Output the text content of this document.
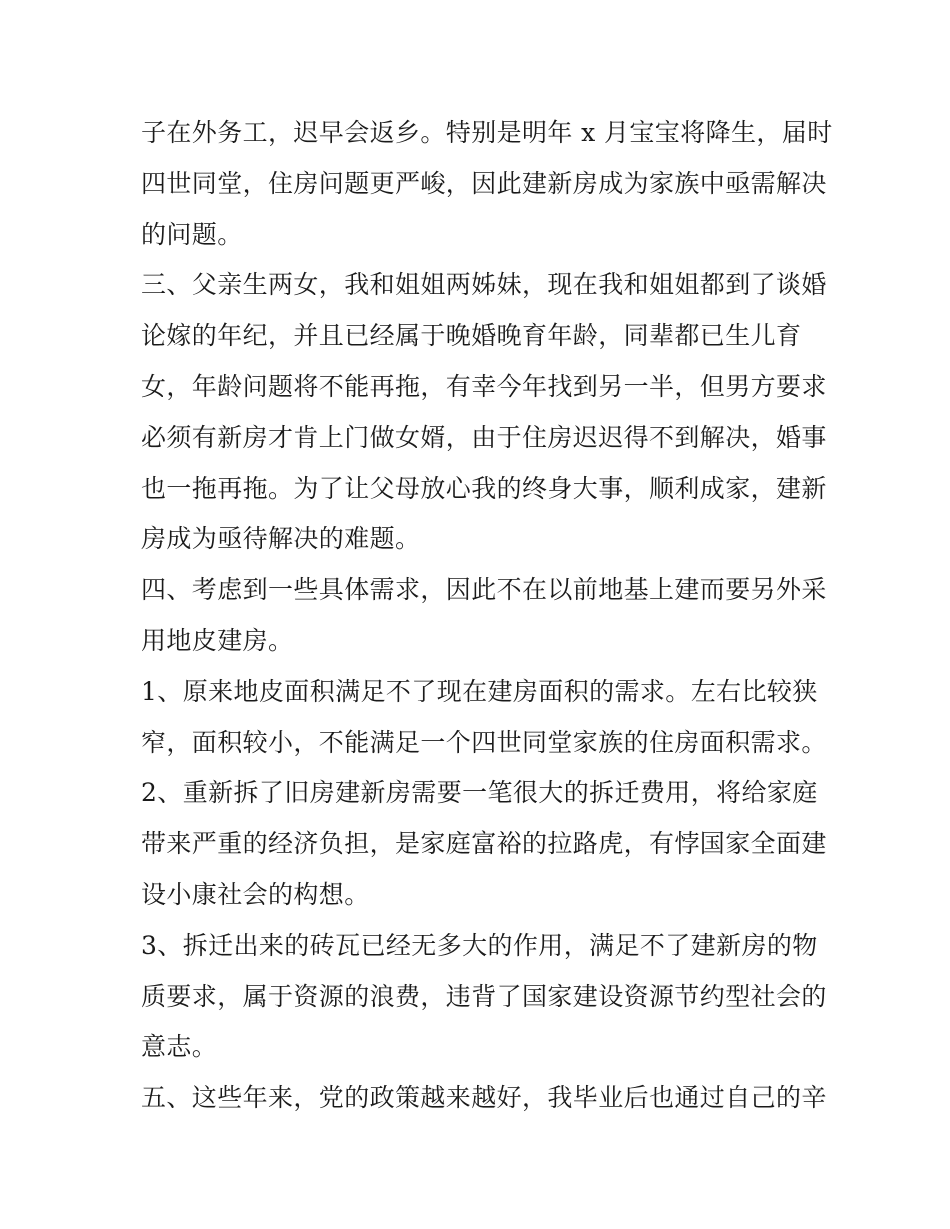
子在外务工，迟早会返乡。特别是明年 x 月宝宝将降生，届时
四世同堂，住房问题更严峻，因此建新房成为家族中亟需解决
的问题。
三、父亲生两女，我和姐姐两姊妹，现在我和姐姐都到了谈婚
论嫁的年纪，并且已经属于晚婚晚育年龄，同辈都已生儿育
女，年龄问题将不能再拖，有幸今年找到另一半，但男方要求
必须有新房才肯上门做女婿，由于住房迟迟得不到解决，婚事
也一拖再拖。为了让父母放心我的终身大事，顺利成家，建新
房成为亟待解决的难题。
四、考虑到一些具体需求，因此不在以前地基上建而要另外采
用地皮建房。
1、原来地皮面积满足不了现在建房面积的需求。左右比较狭
窄，面积较小，不能满足一个四世同堂家族的住房面积需求。
2、重新拆了旧房建新房需要一笔很大的拆迁费用，将给家庭
带来严重的经济负担，是家庭富裕的拉路虎，有悖国家全面建
设小康社会的构想。
3、拆迁出来的砖瓦已经无多大的作用，满足不了建新房的物
质要求，属于资源的浪费，违背了国家建设资源节约型社会的
意志。
五、这些年来，党的政策越来越好，我毕业后也通过自己的辛
